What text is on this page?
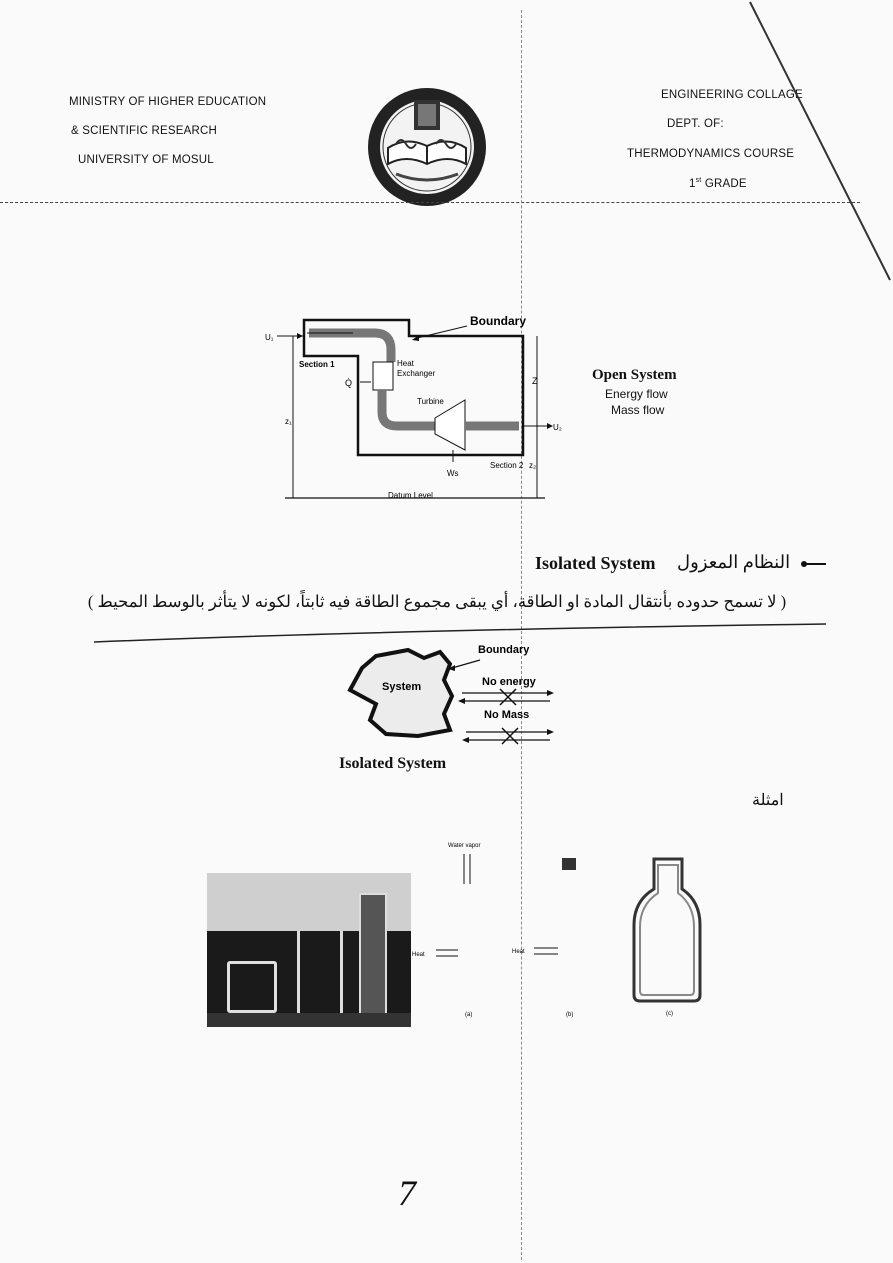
MINISTRY OF HIGHER EDUCATION
& SCIENTIFIC RESEARCH
UNIVERSITY OF MOSUL
ENGINEERING COLLAGE
DEPT. OF:
THERMODYNAMICS COURSE
1st GRADE
Boundary
U₁
Section 1	Heat
Exchanger
Q̇
Turbine
Z
U₂
z₁
Ẇs
Section 2 z₂
Datum Level
Open System
Energy flow
Mass flow
Isolated System النظام المعزول
( لا تسمح حدوده بأنتقال المادة او الطاقة، أي يبقى مجموع الطاقة فيه ثابتاً، لكونه لا يتأثر بالوسط المحيط )
Boundary
System	No energy
No Mass
Isolated System
امثلة
Water vapor
Heat
(a)
Heat
(b)	(c)
7
